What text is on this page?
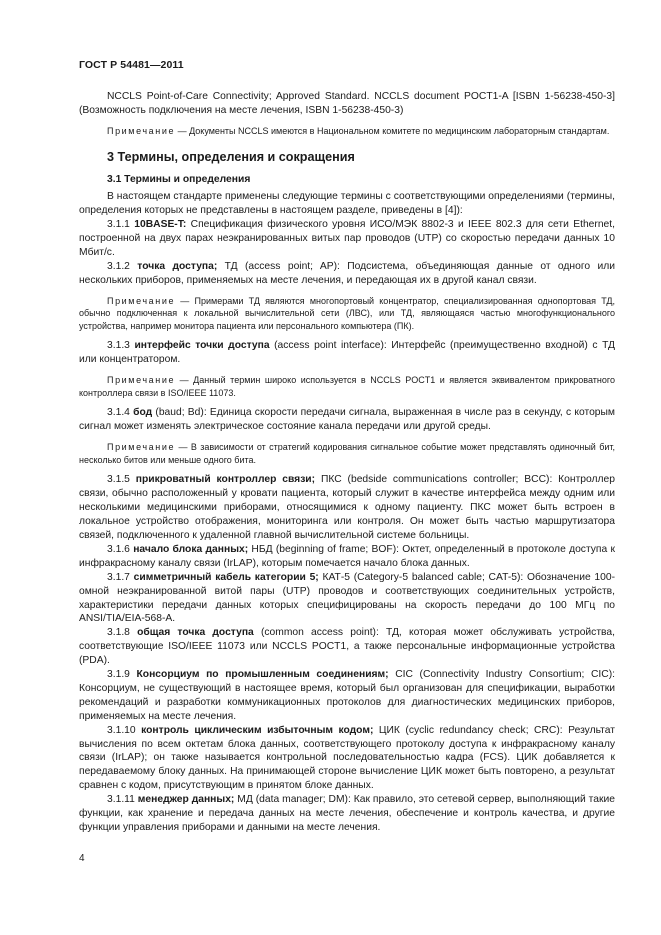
ГОСТ Р 54481—2011

NCCLS Point-of-Care Connectivity; Approved Standard. NCCLS document POCT1-A [ISBN 1-56238-450-3] (Возможность подключения на месте лечения, ISBN 1-56238-450-3)

Примечание — Документы NCCLS имеются в Национальном комитете по медицинским лабораторным стандартам.

3 Термины, определения и сокращения

3.1 Термины и определения

В настоящем стандарте применены следующие термины с соответствующими определениями (термины, определения которых не представлены в настоящем разделе, приведены в [4]):

3.1.1 10BASE-T: Спецификация физического уровня ИСО/МЭК 8802-3 и IEEE 802.3 для сети Ethernet, построенной на двух парах неэкранированных витых пар проводов (UTP) со скоростью передачи данных 10 Мбит/с.

3.1.2 точка доступа; ТД (access point; AP): Подсистема, объединяющая данные от одного или нескольких приборов, применяемых на месте лечения, и передающая их в другой канал связи.

Примечание — Примерами ТД являются многопортовый концентратор, специализированная однопортовая ТД, обычно подключенная к локальной вычислительной сети (ЛВС), или ТД, являющаяся частью многофункционального устройства, например монитора пациента или персонального компьютера (ПК).

3.1.3 интерфейс точки доступа (access point interface): Интерфейс (преимущественно входной) с ТД или концентратором.

Примечание — Данный термин широко используется в NCCLS POCT1 и является эквивалентом прикроватного контроллера связи в ISO/IEEE 11073.

3.1.4 бод (baud; Bd): Единица скорости передачи сигнала, выраженная в числе раз в секунду, с которым сигнал может изменять электрическое состояние канала передачи или другой среды.

Примечание — В зависимости от стратегий кодирования сигнальное событие может представлять одиночный бит, несколько битов или меньше одного бита.

3.1.5 прикроватный контроллер связи; ПКС (bedside communications controller; BCC): Контроллер связи, обычно расположенный у кровати пациента, который служит в качестве интерфейса между одним или несколькими медицинскими приборами, относящимися к одному пациенту. ПКС может быть встроен в локальное устройство отображения, мониторинга или контроля. Он может быть частью маршрутизатора связей, подключенного к удаленной главной вычислительной системе больницы.

3.1.6 начало блока данных; НБД (beginning of frame; BOF): Октет, определенный в протоколе доступа к инфракрасному каналу связи (IrLAP), которым помечается начало блока данных.

3.1.7 симметричный кабель категории 5; КАТ-5 (Category-5 balanced cable; CAT-5): Обозначение 100-омной неэкранированной витой пары (UTP) проводов и соответствующих соединительных устройств, характеристики передачи данных которых специфицированы на скорость передачи до 100 МГц по ANSI/TIA/EIA-568-A.

3.1.8 общая точка доступа (common access point): ТД, которая может обслуживать устройства, соответствующие ISO/IEEE 11073 или NCCLS POCT1, а также персональные информационные устройства (PDA).

3.1.9 Консорциум по промышленным соединениям; CIC (Connectivity Industry Consortium; CIC): Консорциум, не существующий в настоящее время, который был организован для спецификации, выработки рекомендаций и разработки коммуникационных протоколов для диагностических медицинских приборов, применяемых на месте лечения.

3.1.10 контроль циклическим избыточным кодом; ЦИК (cyclic redundancy check; CRC): Результат вычисления по всем октетам блока данных, соответствующего протоколу доступа к инфракрасному каналу связи (IrLAP); он также называется контрольной последовательностью кадра (FCS). ЦИК добавляется к передаваемому блоку данных. На принимающей стороне вычисление ЦИК может быть повторено, а результат сравнен с кодом, присутствующим в принятом блоке данных.

3.1.11 менеджер данных; МД (data manager; DM): Как правило, это сетевой сервер, выполняющий такие функции, как хранение и передача данных на месте лечения, обеспечение и контроль качества, и другие функции управления приборами и данными на месте лечения.

4
